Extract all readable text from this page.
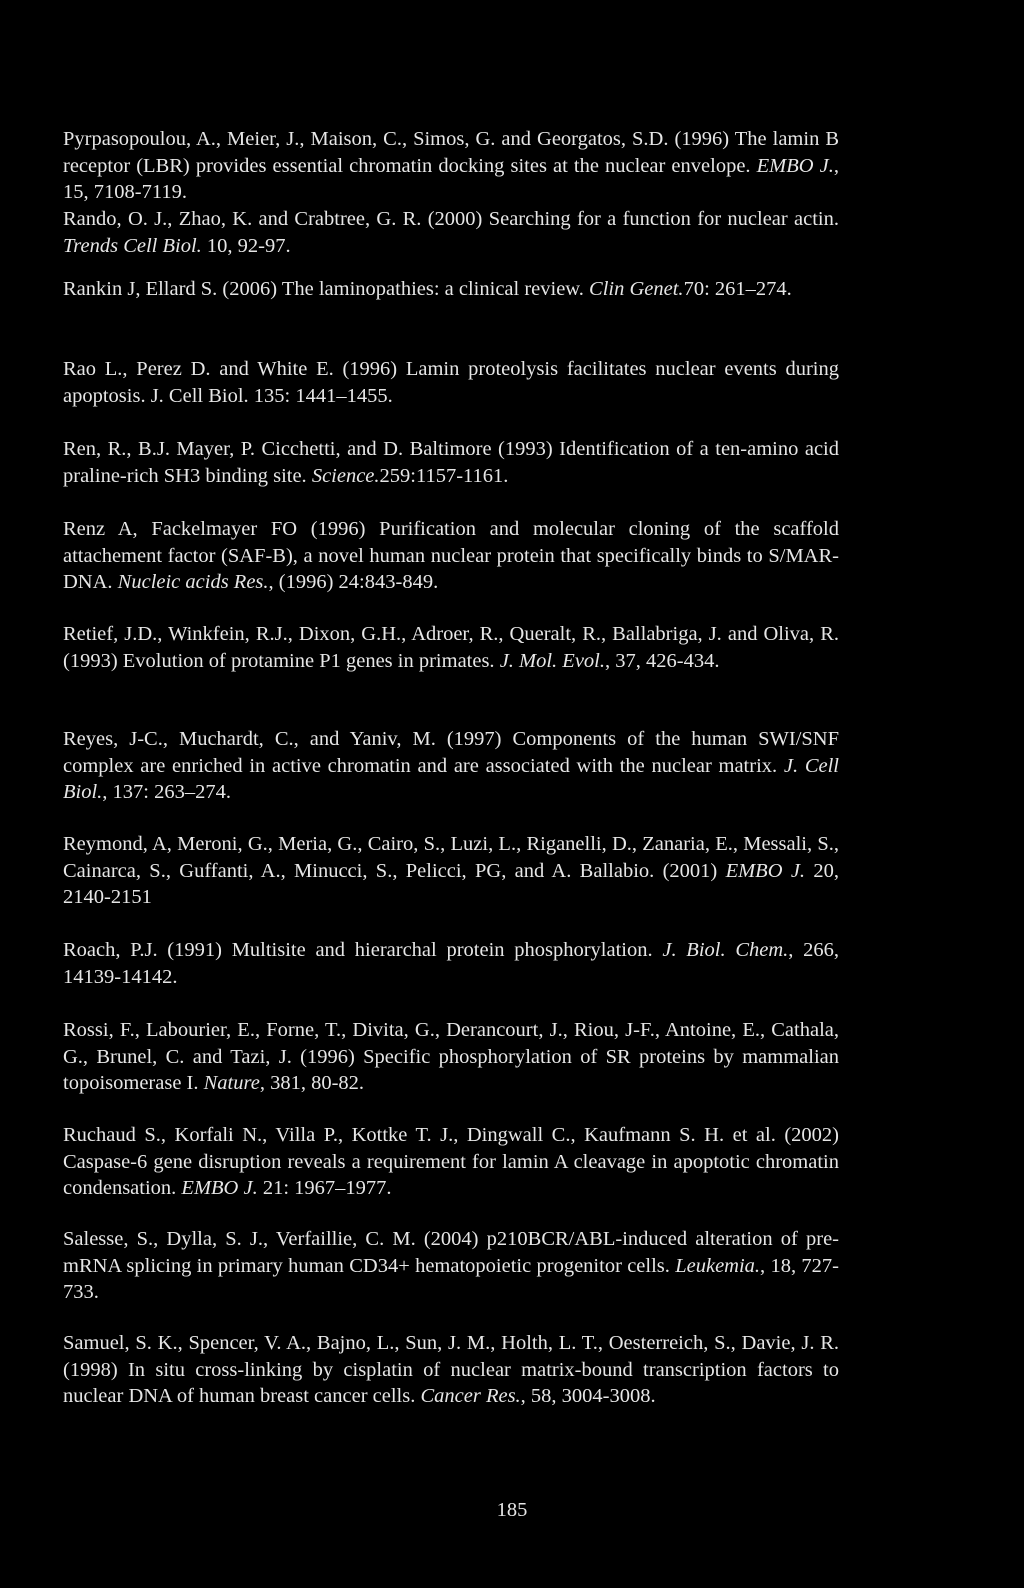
Pyrpasopoulou, A., Meier, J., Maison, C., Simos, G. and Georgatos, S.D. (1996) The lamin B receptor (LBR) provides essential chromatin docking sites at the nuclear envelope. EMBO J., 15, 7108-7119.

Rando, O. J., Zhao, K. and Crabtree, G. R. (2000) Searching for a function for nuclear actin. Trends Cell Biol. 10, 92-97.

Rankin J, Ellard S. (2006) The laminopathies: a clinical review. Clin Genet.70: 261–274.

Rao L., Perez D. and White E. (1996) Lamin proteolysis facilitates nuclear events during apoptosis. J. Cell Biol. 135: 1441–1455.

Ren, R., B.J. Mayer, P. Cicchetti, and D. Baltimore (1993) Identification of a ten-amino acid praline-rich SH3 binding site. Science.259:1157-1161.

Renz A, Fackelmayer FO (1996) Purification and molecular cloning of the scaffold attachement factor (SAF-B), a novel human nuclear protein that specifically binds to S/MAR-DNA. Nucleic acids Res., (1996) 24:843-849.

Retief, J.D., Winkfein, R.J., Dixon, G.H., Adroer, R., Queralt, R., Ballabriga, J. and Oliva, R. (1993) Evolution of protamine P1 genes in primates. J. Mol. Evol., 37, 426-434.

Reyes, J-C., Muchardt, C., and Yaniv, M. (1997) Components of the human SWI/SNF complex are enriched in active chromatin and are associated with the nuclear matrix. J. Cell Biol., 137: 263–274.

Reymond, A, Meroni, G., Meria, G., Cairo, S., Luzi, L., Riganelli, D., Zanaria, E., Messali, S., Cainarca, S., Guffanti, A., Minucci, S., Pelicci, PG, and A. Ballabio. (2001) EMBO J. 20, 2140-2151

Roach, P.J. (1991) Multisite and hierarchal protein phosphorylation. J. Biol. Chem., 266, 14139-14142.

Rossi, F., Labourier, E., Forne, T., Divita, G., Derancourt, J., Riou, J-F., Antoine, E., Cathala, G., Brunel, C. and Tazi, J. (1996) Specific phosphorylation of SR proteins by mammalian topoisomerase I. Nature, 381, 80-82.

Ruchaud S., Korfali N., Villa P., Kottke T. J., Dingwall C., Kaufmann S. H. et al. (2002) Caspase-6 gene disruption reveals a requirement for lamin A cleavage in apoptotic chromatin condensation. EMBO J. 21: 1967–1977.

Salesse, S., Dylla, S. J., Verfaillie, C. M. (2004) p210BCR/ABL-induced alteration of pre-mRNA splicing in primary human CD34+ hematopoietic progenitor cells. Leukemia., 18, 727-733.

Samuel, S. K., Spencer, V. A., Bajno, L., Sun, J. M., Holth, L. T., Oesterreich, S., Davie, J. R. (1998) In situ cross-linking by cisplatin of nuclear matrix-bound transcription factors to nuclear DNA of human breast cancer cells. Cancer Res., 58, 3004-3008.

185
